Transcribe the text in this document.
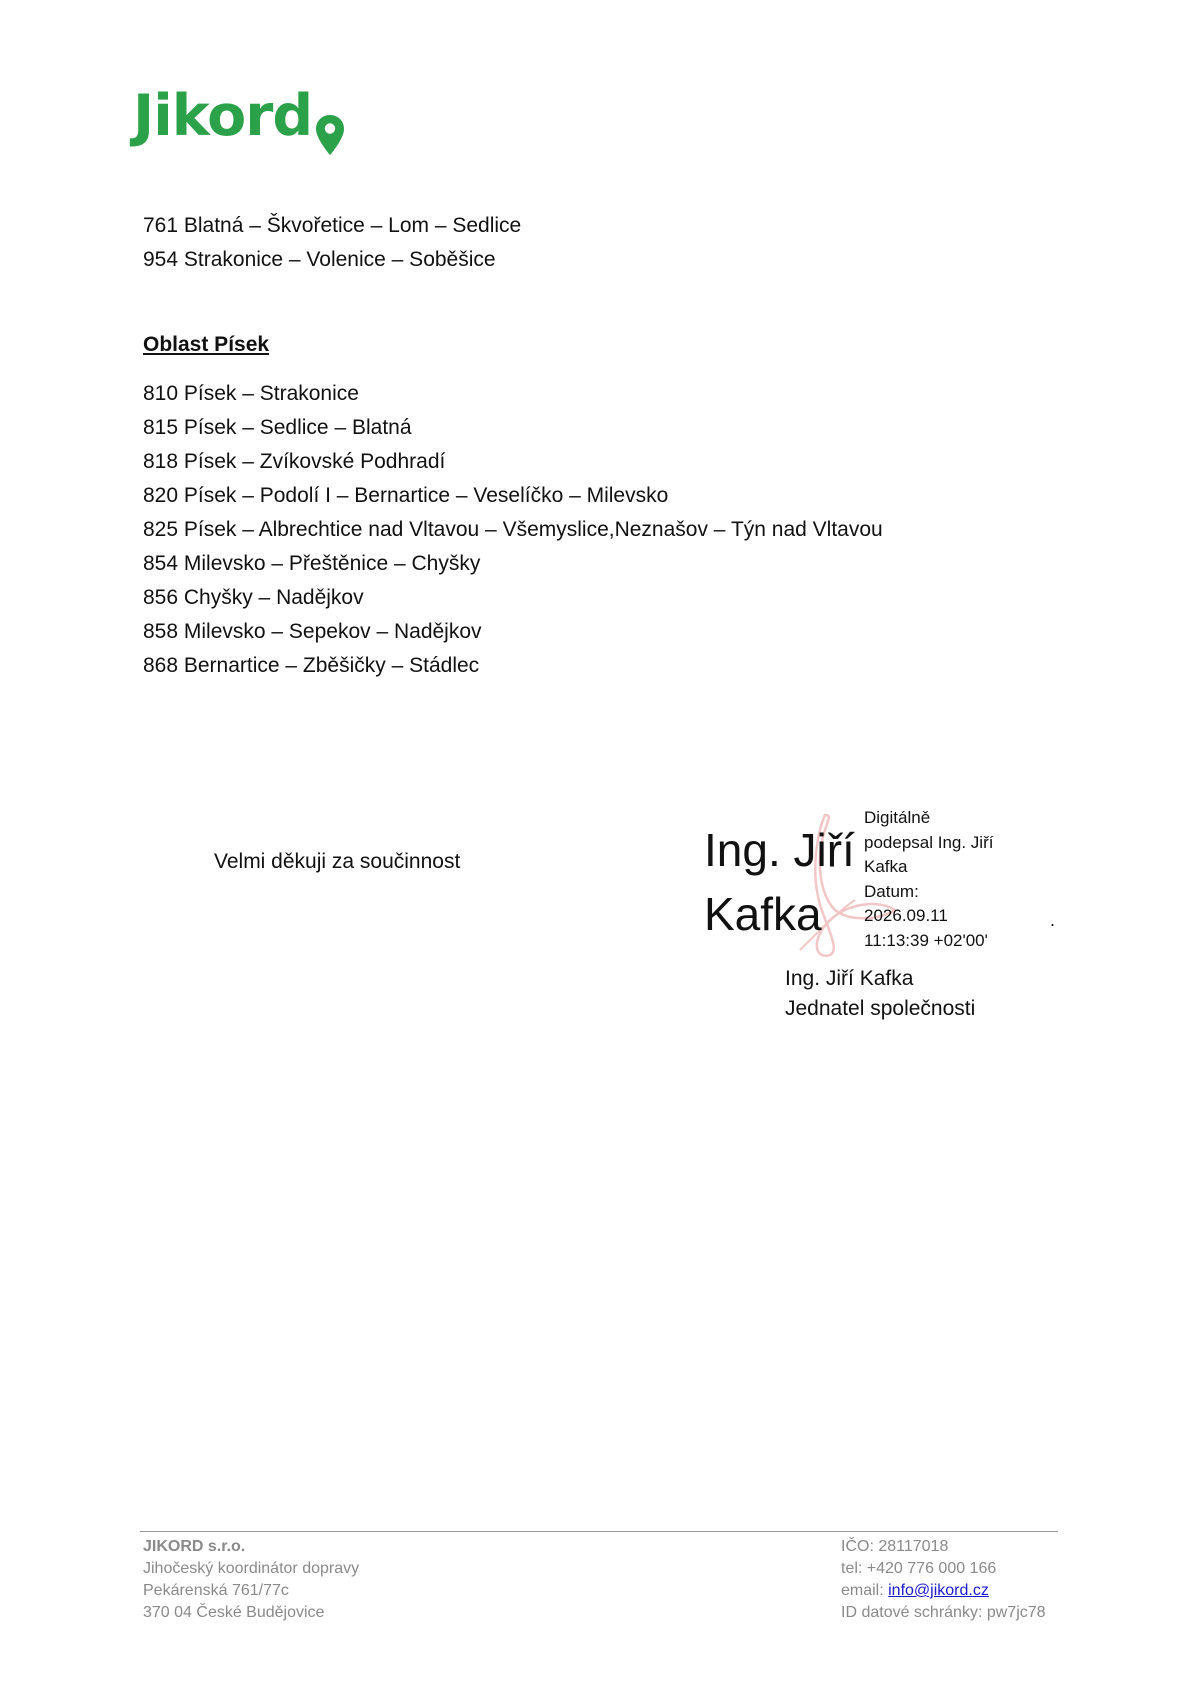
Jikord
761 Blatná – Škvořetice – Lom – Sedlice
954 Strakonice – Volenice – Soběšice
Oblast Písek
810 Písek – Strakonice
815 Písek – Sedlice – Blatná
818 Písek – Zvíkovské Podhradí
820 Písek – Podolí I – Bernartice – Veselíčko – Milevsko
825 Písek – Albrechtice nad Vltavou – Všemyslice,Neznašov – Týn nad Vltavou
854 Milevsko – Přeštěnice – Chyšky
856 Chyšky – Nadějkov
858 Milevsko – Sepekov – Nadějkov
868 Bernartice – Zběšičky – Stádlec
Velmi děkuji za součinnost	Ing. Jiří
Kafka
Digitálně
podepsal Ing. Jiří
Kafka
Datum:
2026.09.11
11:13:39 +02'00'
.
Ing. Jiří Kafka
Jednatel společnosti
JIKORD s.r.o.
Jihočeský koordinátor dopravy
Pekárenská 761/77c
370 04 České Budějovice
IČO: 28117018
tel: +420 776 000 166
email: info@jikord.cz
ID datové schránky: pw7jc78
